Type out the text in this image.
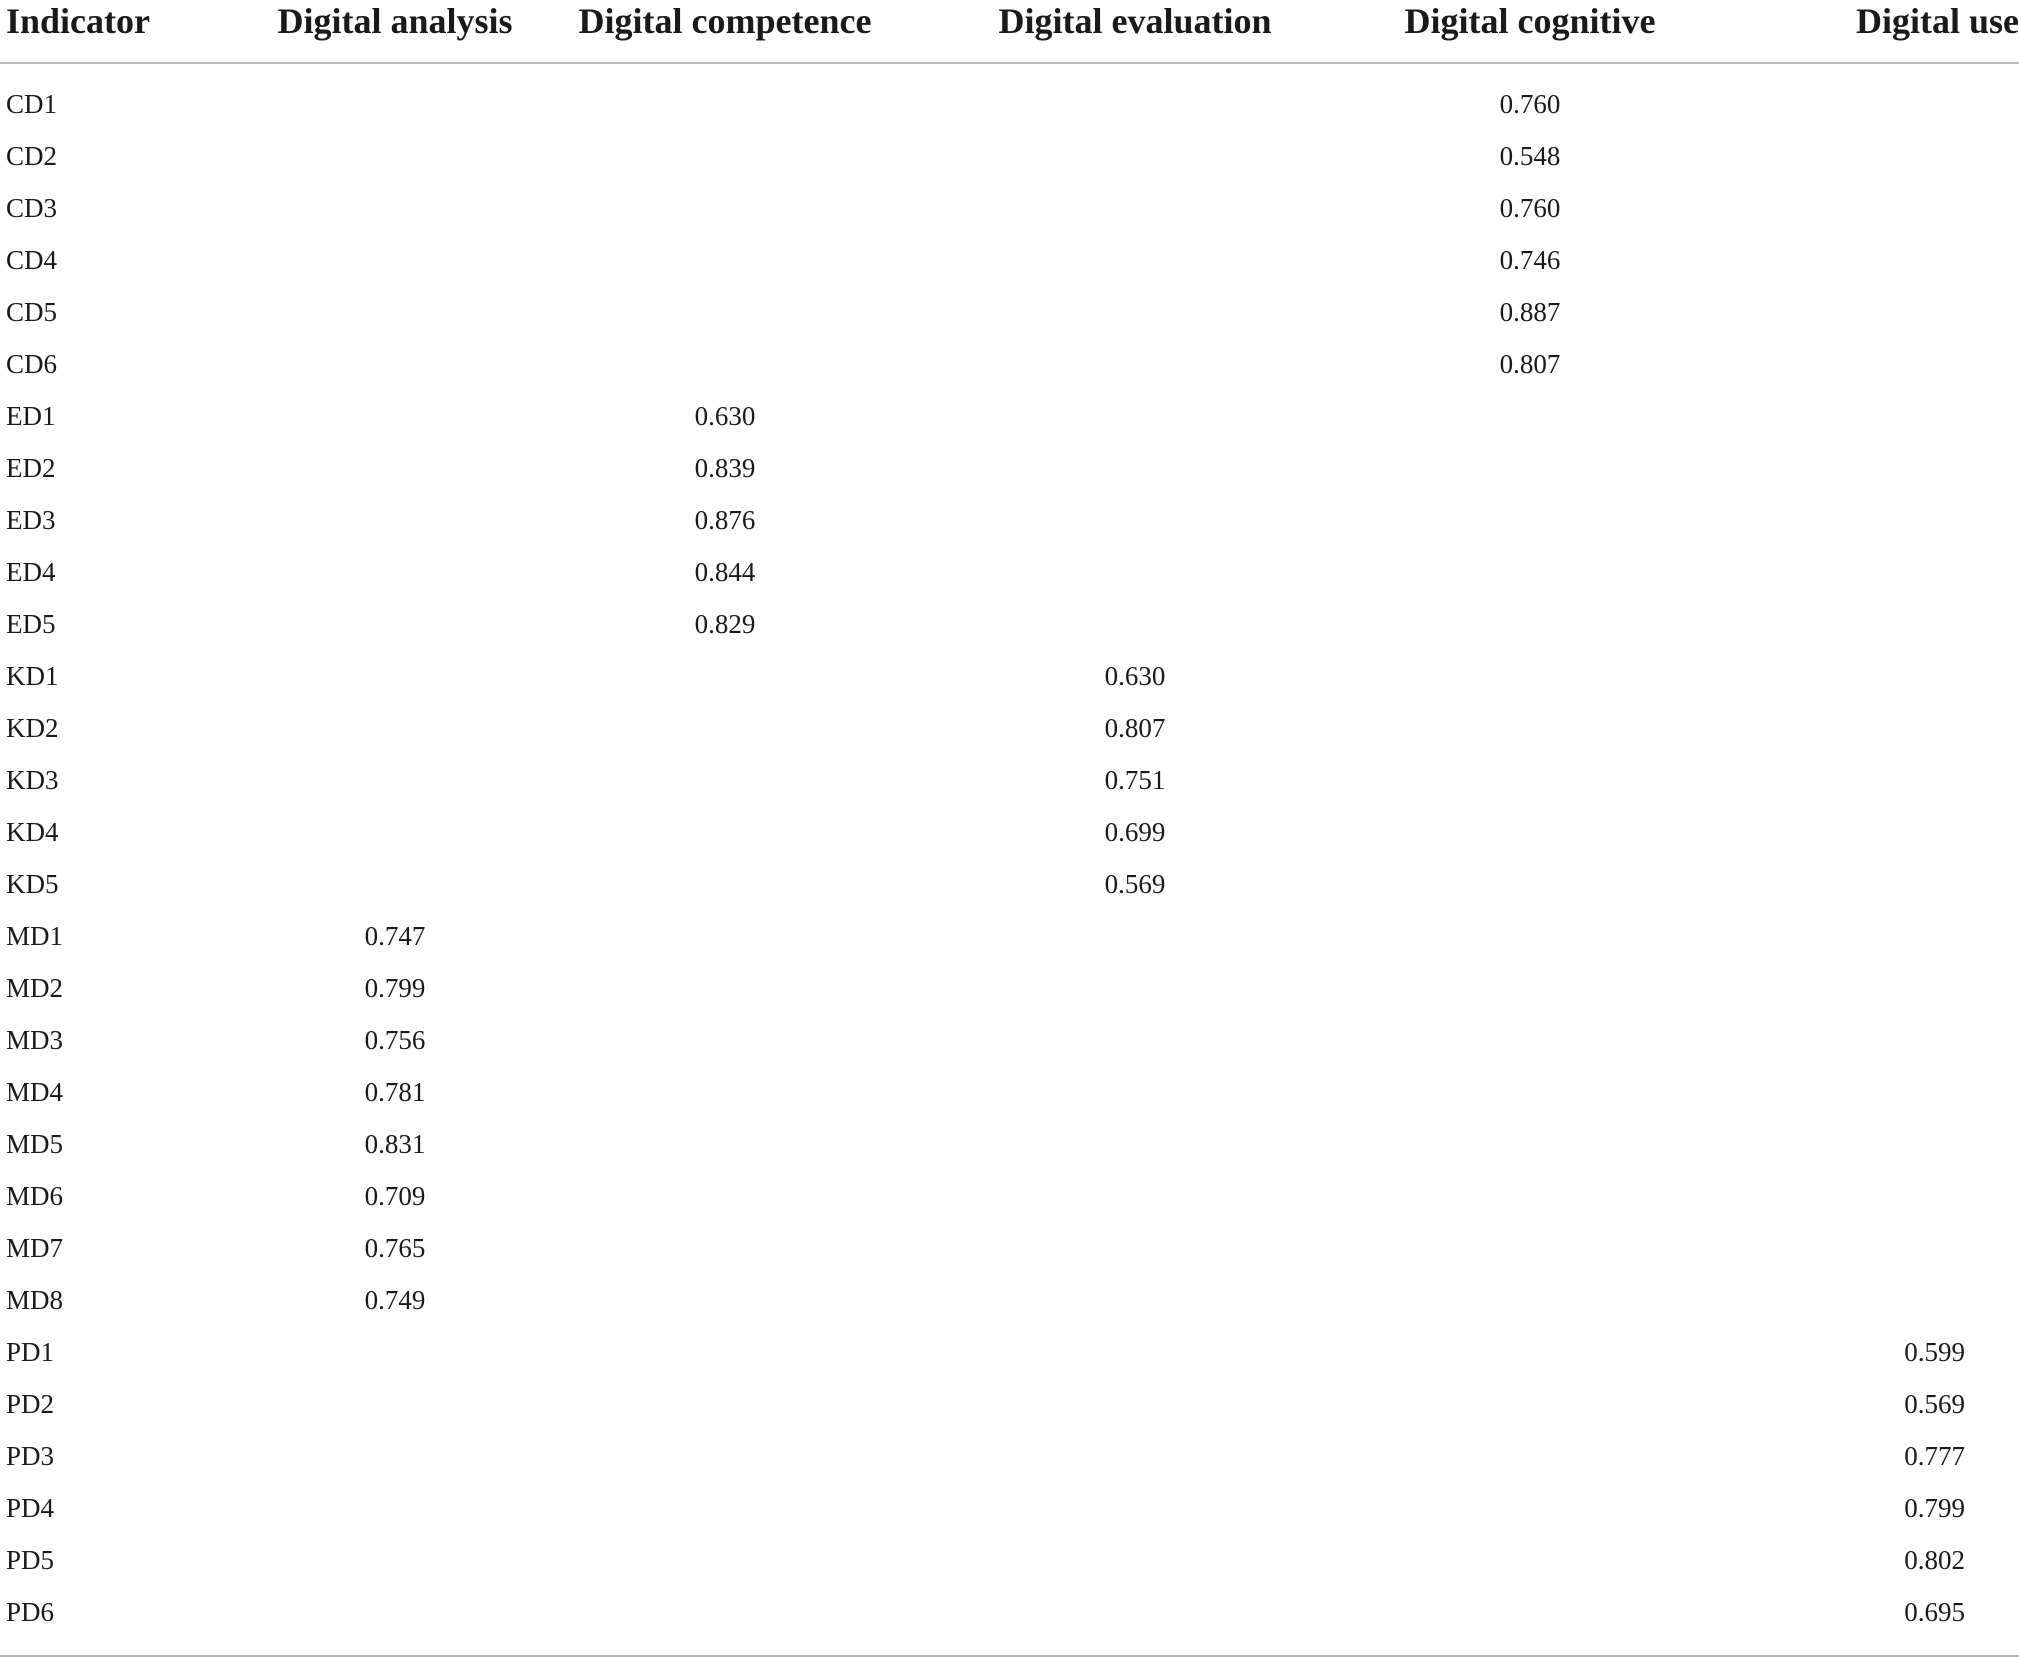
Indicator	Digital analysis	Digital competence	Digital evaluation	Digital cognitive	Digital use
CD1				0.760	
CD2				0.548	
CD3				0.760	
CD4				0.746	
CD5				0.887	
CD6				0.807	
ED1		0.630			
ED2		0.839			
ED3		0.876			
ED4		0.844			
ED5		0.829			
KD1			0.630		
KD2			0.807		
KD3			0.751		
KD4			0.699		
KD5			0.569		
MD1	0.747				
MD2	0.799				
MD3	0.756				
MD4	0.781				
MD5	0.831				
MD6	0.709				
MD7	0.765				
MD8	0.749				
PD1					0.599
PD2					0.569
PD3					0.777
PD4					0.799
PD5					0.802
PD6					0.695
